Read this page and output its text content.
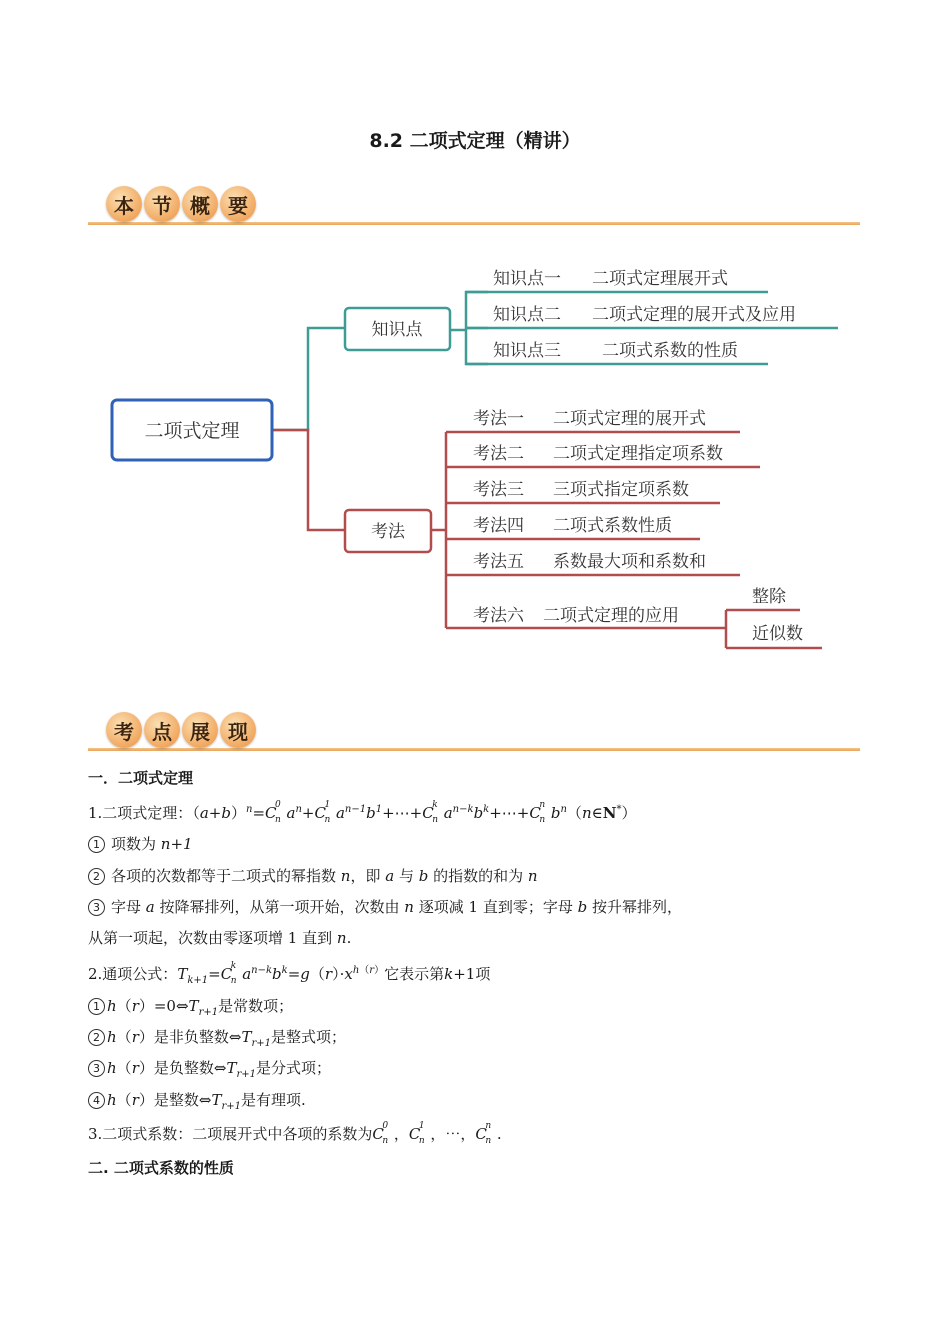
8.2 二项式定理（精讲）
本 节 概 要
二项式定理
知识点
考法
知识点一 二项式定理展开式
知识点二 二项式定理的展开式及应用
知识点三 二项式系数的性质
考法一 二项式定理的展开式
考法二 二项式定理指定项系数
考法三 三项式指定项系数
考法四 二项式系数性质
考法五 系数最大项和系数和
考法六 二项式定理的应用
整除
近似数
考 点 展 现
一．二项式定理
1.二项式定理：$(a+b)^n=C$
0
n $a^n+C$
1
n $a^{n-1}b^1+\cdots+C$
k
n $a^{n-k}b^k+\cdots+C$
n
n $b^n(n\in N^*)$
1 项数为 n+1
2 各项的次数都等于二项式的幂指数 n，即 a 与 b 的指数的和为 n
3 字母 a 按降幂排列，从第一项开始，次数由 n 逐项减 1 直到零；字母 b 按升幂排列，
从第一项起，次数由零逐项增 1 直到 n.
2.通项公式：$T_{k+1}=C$
k
n $a^{n-k}b^k=g(r)\cdot x^{h(r)}$它表示第k+1项
1 $h(r)=0\Leftrightarrow T_{r+1}$是常数项；
2 h（r）是非负整数$\Leftrightarrow T_{r+1}$是整式项；
3 h（r）是负整数$\Leftrightarrow T_{r+1}$是分式项；
4 h（r）是整数$\Leftrightarrow T_{r+1}$是有理项.
3.二项式系数：二项展开式中各项的系数为C
0
n ，C
1
n ，⋯，C
n
n .
二. 二项式系数的性质
